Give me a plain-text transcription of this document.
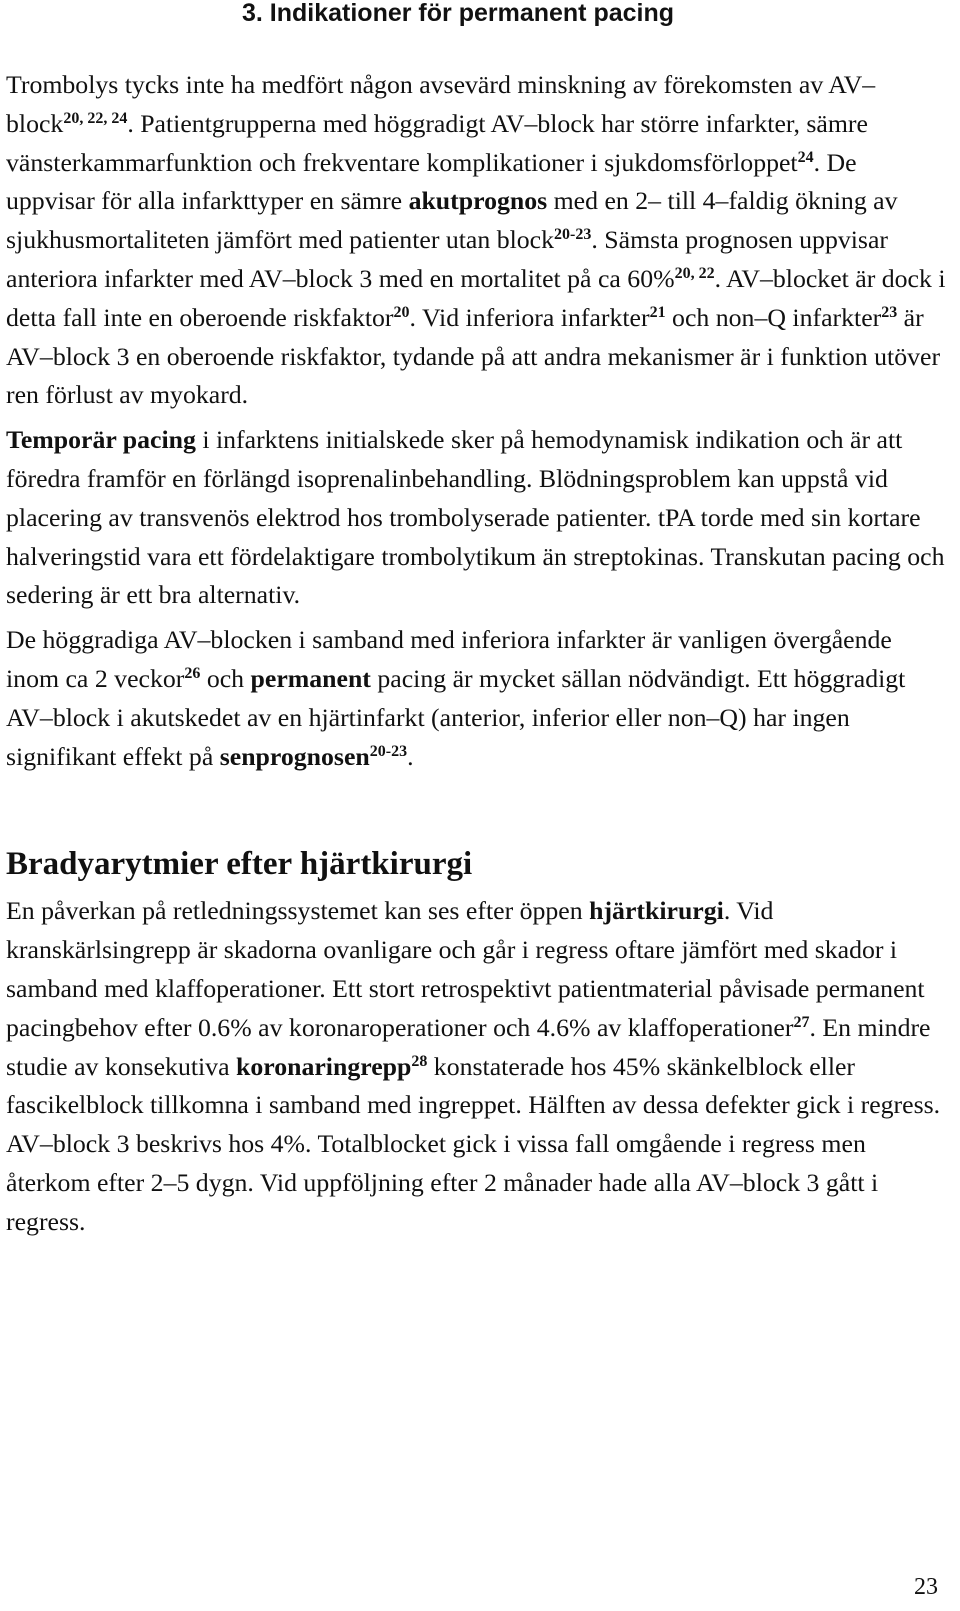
3. Indikationer för permanent pacing

Trombolys tycks inte ha medfört någon avsevärd minskning av förekomsten av AV–block$^{20, 22, 24}$. Patientgrupperna med höggradigt AV–block har större infarkter, sämre vänsterkammarfunktion och frekventare komplikationer i sjukdomsförloppet$^{24}$. De uppvisar för alla infarkttyper en sämre akutprognos med en 2– till 4–faldig ökning av sjukhusmortaliteten jämfört med patienter utan block$^{20-23}$. Sämsta prognosen uppvisar anteriora infarkter med AV–block 3 med en mortalitet på ca 60%$^{20, 22}$. AV–blocket är dock i detta fall inte en oberoende riskfaktor$^{20}$. Vid inferiora infarkter$^{21}$ och non–Q infarkter$^{23}$ är AV–block 3 en oberoende riskfaktor, tydande på att andra mekanismer är i funktion utöver ren förlust av myokard.

Temporär pacing i infarktens initialskede sker på hemodynamisk indikation och är att föredra framför en förlängd isoprenalinbehandling. Blödningsproblem kan uppstå vid placering av transvenös elektrod hos trombolyserade patienter. tPA torde med sin kortare halveringstid vara ett fördelaktigare trombolytikum än streptokinas. Transkutan pacing och sedering är ett bra alternativ.

De höggradiga AV–blocken i samband med inferiora infarkter är vanligen övergående inom ca 2 veckor$^{26}$ och permanent pacing är mycket sällan nödvändigt. Ett höggradigt AV–block i akutskedet av en hjärtinfarkt (anterior, inferior eller non–Q) har ingen signifikant effekt på senprognosen$^{20-23}$.

Bradyarytmier efter hjärtkirurgi

En påverkan på retledningssystemet kan ses efter öppen hjärtkirurgi. Vid kranskärlsingrepp är skadorna ovanligare och går i regress oftare jämfört med skador i samband med klaffoperationer. Ett stort retrospektivt patientmaterial påvisade permanent pacingbehov efter 0.6% av koronaroperationer och 4.6% av klaffoperationer$^{27}$. En mindre studie av konsekutiva koronaringrepp$^{28}$ konstaterade hos 45% skänkelblock eller fascikelblock tillkomna i samband med ingreppet. Hälften av dessa defekter gick i regress. AV–block 3 beskrivs hos 4%. Totalblocket gick i vissa fall omgående i regress men återkom efter 2–5 dygn. Vid uppföljning efter 2 månader hade alla AV–block 3 gått i regress.

23
